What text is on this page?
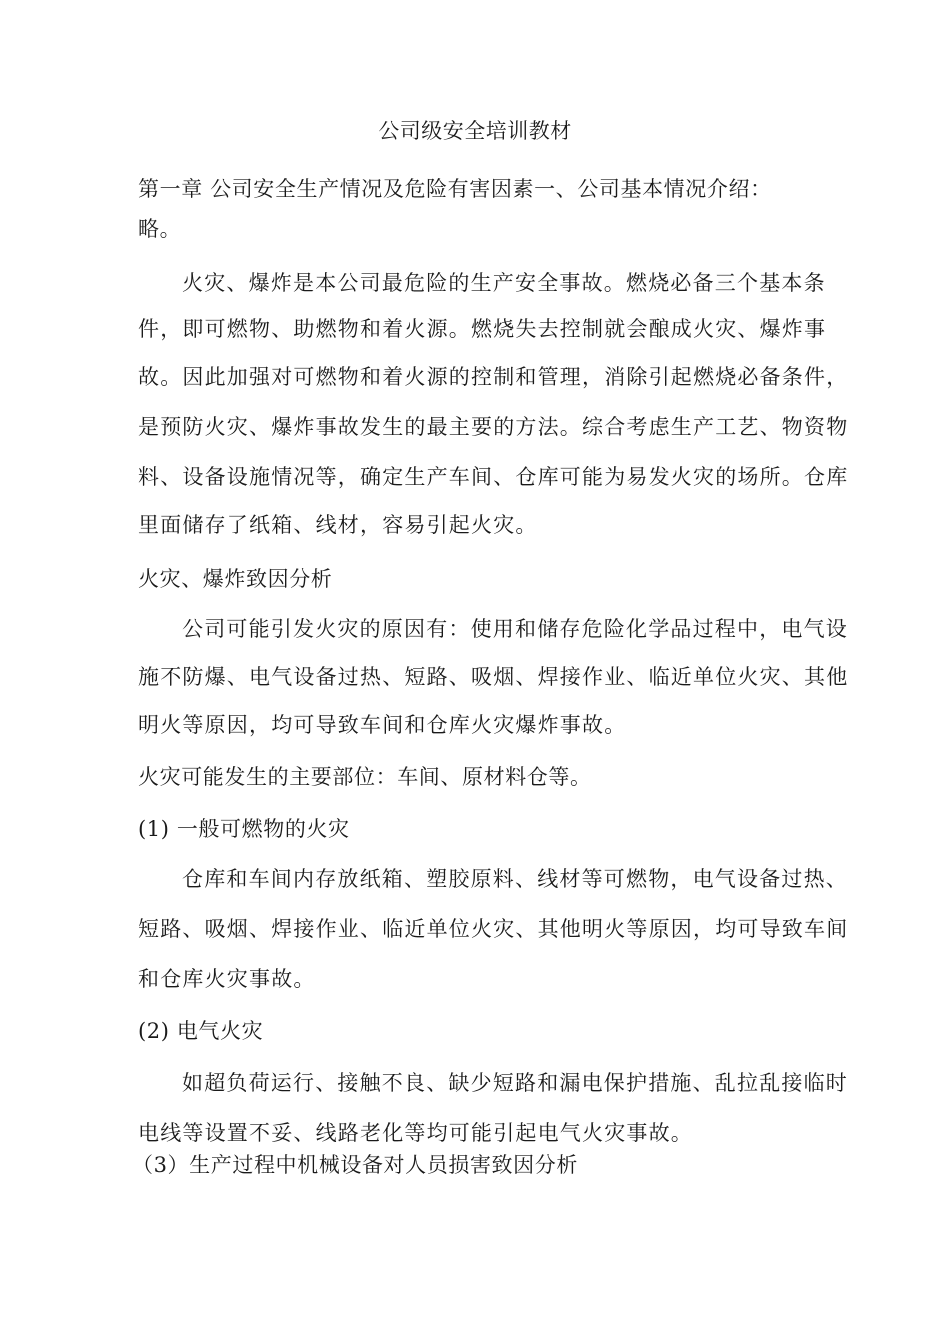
公司级安全培训教材
第一章 公司安全生产情况及危险有害因素一、公司基本情况介绍：
略。
火灾、爆炸是本公司最危险的生产安全事故。燃烧必备三个基本条
件，即可燃物、助燃物和着火源。燃烧失去控制就会酿成火灾、爆炸事
故。因此加强对可燃物和着火源的控制和管理，消除引起燃烧必备条件，
是预防火灾、爆炸事故发生的最主要的方法。综合考虑生产工艺、物资物
料、设备设施情况等，确定生产车间、仓库可能为易发火灾的场所。仓库
里面储存了纸箱、线材，容易引起火灾。
火灾、爆炸致因分析
公司可能引发火灾的原因有：使用和储存危险化学品过程中，电气设
施不防爆、电气设备过热、短路、吸烟、焊接作业、临近单位火灾、其他
明火等原因，均可导致车间和仓库火灾爆炸事故。
火灾可能发生的主要部位：车间、原材料仓等。
(1) 一般可燃物的火灾
仓库和车间内存放纸箱、塑胶原料、线材等可燃物，电气设备过热、
短路、吸烟、焊接作业、临近单位火灾、其他明火等原因，均可导致车间
和仓库火灾事故。
(2) 电气火灾
如超负荷运行、接触不良、缺少短路和漏电保护措施、乱拉乱接临时
电线等设置不妥、线路老化等均可能引起电气火灾事故。
（3）生产过程中机械设备对人员损害致因分析
